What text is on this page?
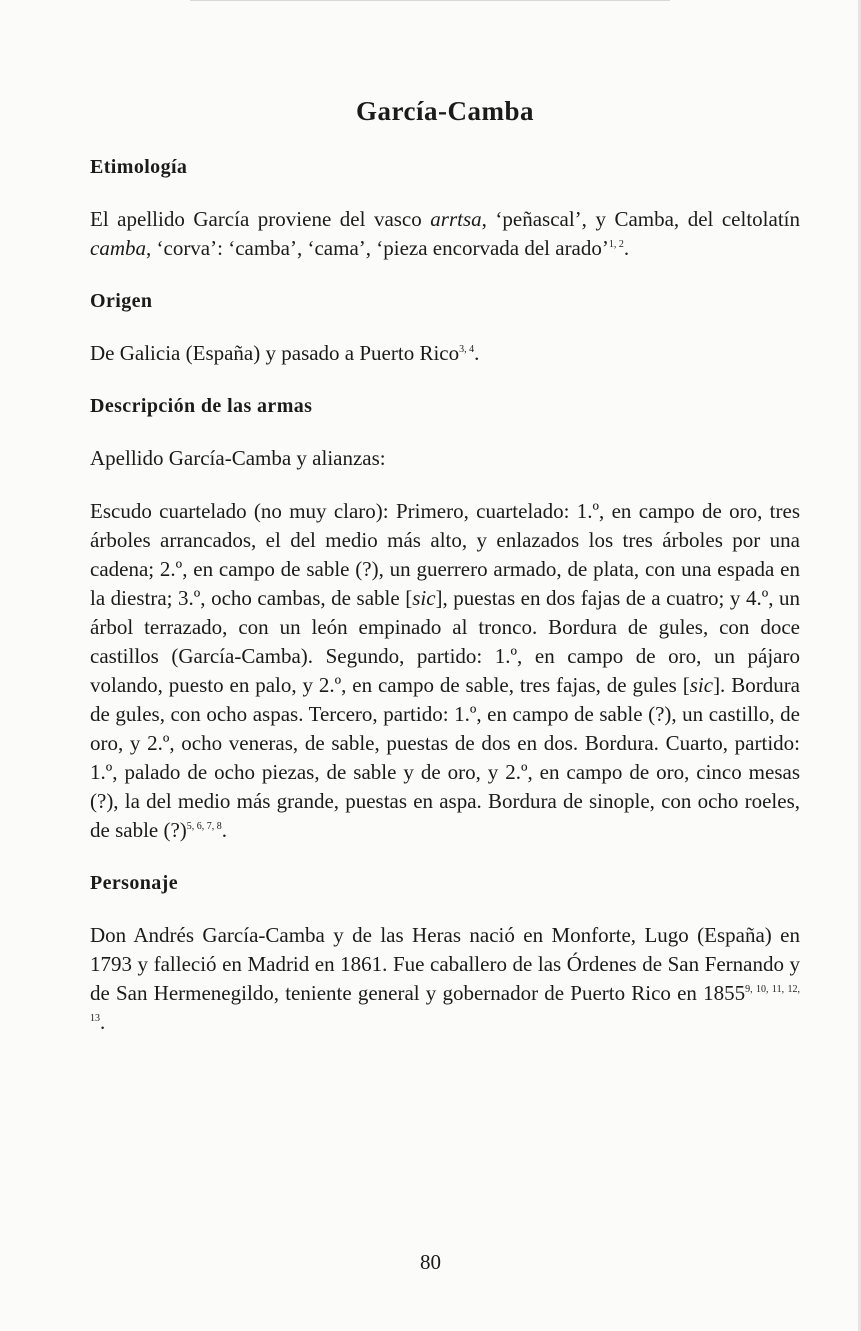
García-Camba
Etimología

El apellido García proviene del vasco arrtsa, ‘peñascal’, y Camba, del celtolatín camba, ‘corva’: ‘camba’, ‘cama’, ‘pieza encorvada del arado’$^{1, 2}$.

Origen

De Galicia (España) y pasado a Puerto Rico$^{3, 4}$.

Descripción de las armas

Apellido García-Camba y alianzas:

Escudo cuartelado (no muy claro): Primero, cuartelado: 1.º, en campo de oro, tres árboles arrancados, el del medio más alto, y enlazados los tres árboles por una cadena; 2.º, en campo de sable (?), un guerrero armado, de plata, con una espada en la diestra; 3.º, ocho cambas, de sable [sic], puestas en dos fajas de a cuatro; y 4.º, un árbol terrazado, con un león empinado al tronco. Bordura de gules, con doce castillos (García-Camba). Segundo, partido: 1.º, en campo de oro, un pájaro volando, puesto en palo, y 2.º, en campo de sable, tres fajas, de gules [sic]. Bordura de gules, con ocho aspas. Tercero, partido: 1.º, en campo de sable (?), un castillo, de oro, y 2.º, ocho veneras, de sable, puestas de dos en dos. Bordura. Cuarto, partido: 1.º, palado de ocho piezas, de sable y de oro, y 2.º, en campo de oro, cinco mesas (?), la del medio más grande, puestas en aspa. Bordura de sinople, con ocho roeles, de sable (?)$^{5, 6, 7, 8}$.

Personaje

Don Andrés García-Camba y de las Heras nació en Monforte, Lugo (España) en 1793 y falleció en Madrid en 1861. Fue caballero de las Órdenes de San Fernando y de San Hermenegildo, teniente general y gobernador de Puerto Rico en 1855$^{9, 10, 11, 12, 13}$.

80
